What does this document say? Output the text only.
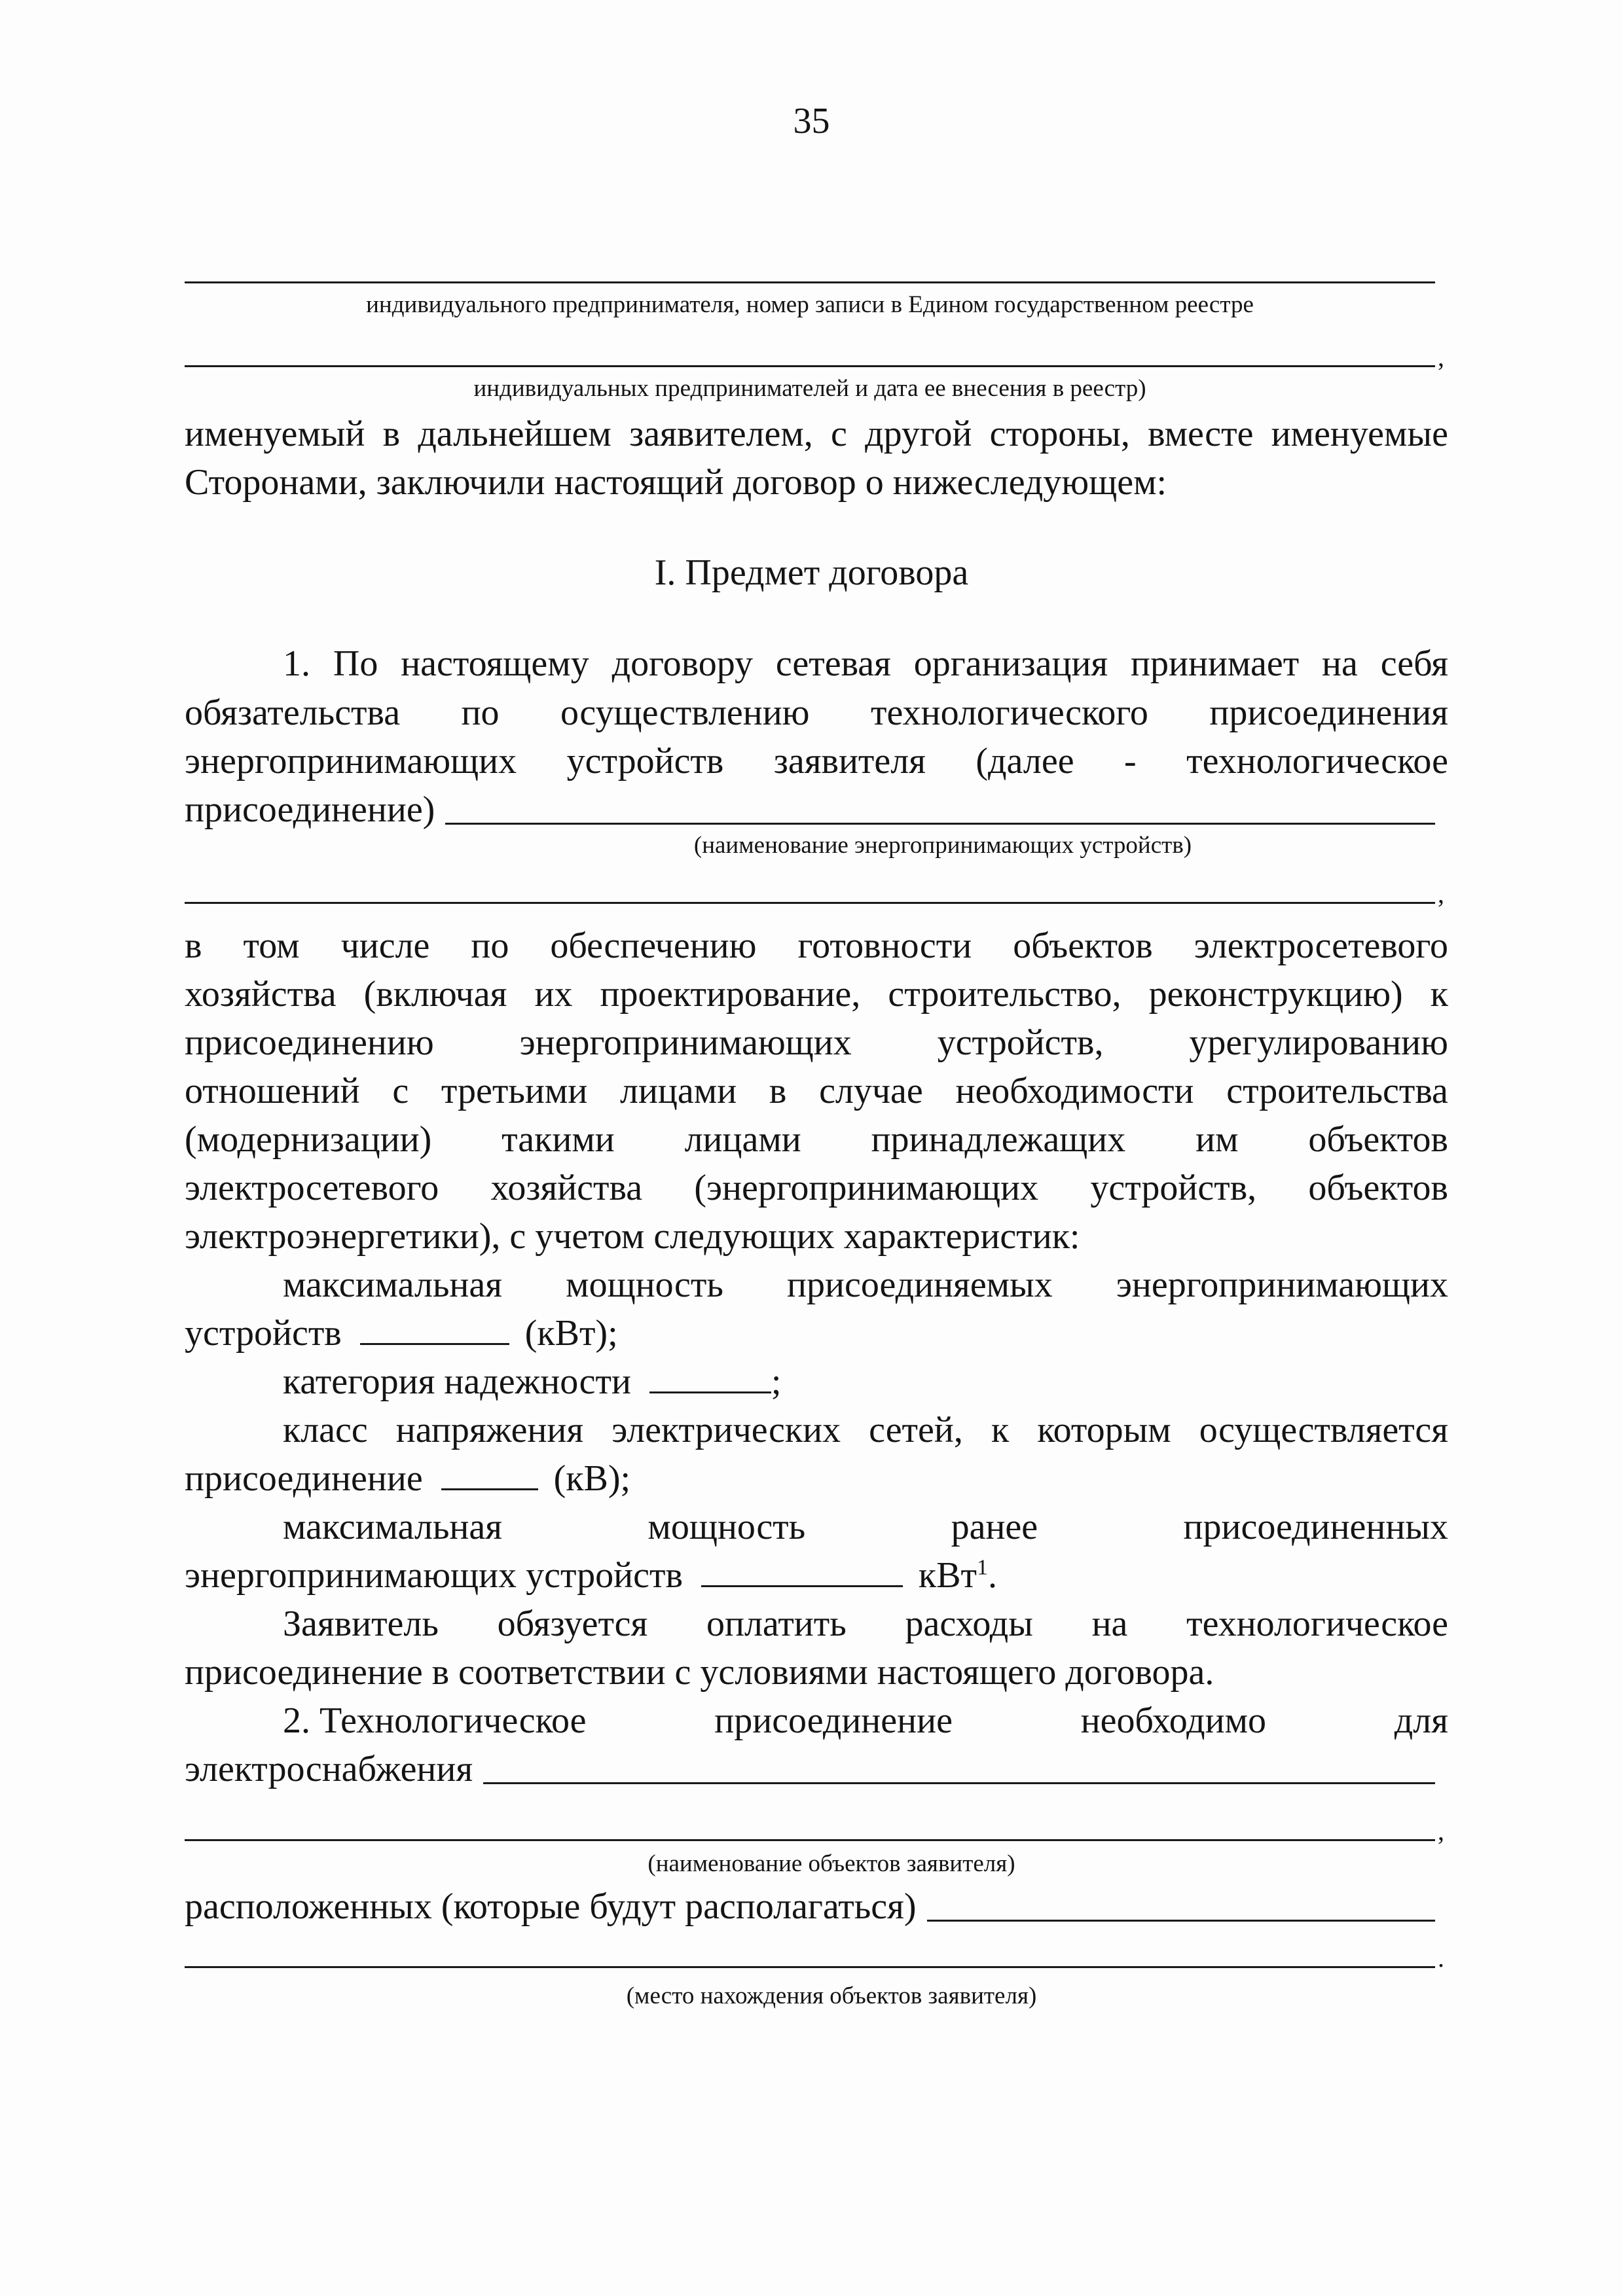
35
индивидуального предпринимателя, номер записи в Едином государственном реестре
,
индивидуальных предпринимателей и дата ее внесения в реестр)
именуемый в дальнейшем заявителем, с другой стороны, вместе именуемые
Сторонами, заключили настоящий договор о нижеследующем:
I. Предмет договора
1. По настоящему договору сетевая организация принимает на себя
обязательства по осуществлению технологического присоединения
энергопринимающих устройств заявителя (далее - технологическое
присоединение)
(наименование энергопринимающих устройств)
,
в том числе по обеспечению готовности объектов электросетевого
хозяйства (включая их проектирование, строительство, реконструкцию) к
присоединению энергопринимающих устройств, урегулированию
отношений с третьими лицами в случае необходимости строительства
(модернизации) такими лицами принадлежащих им объектов
электросетевого хозяйства (энергопринимающих устройств, объектов
электроэнергетики), с учетом следующих характеристик:
максимальная мощность присоединяемых энергопринимающих
устройств	(кВт);
категория надежности	;
класс напряжения электрических сетей, к которым осуществляется
присоединение	(кВ);
максимальная	мощность	ранее	присоединенных
энергопринимающих устройств	кВт$^1$.
Заявитель обязуется оплатить расходы на технологическое
присоединение в соответствии с условиями настоящего договора.
2. Технологическое	присоединение	необходимо	для
электроснабжения
,
(наименование объектов заявителя)
расположенных (которые будут располагаться)
.
(место нахождения объектов заявителя)
